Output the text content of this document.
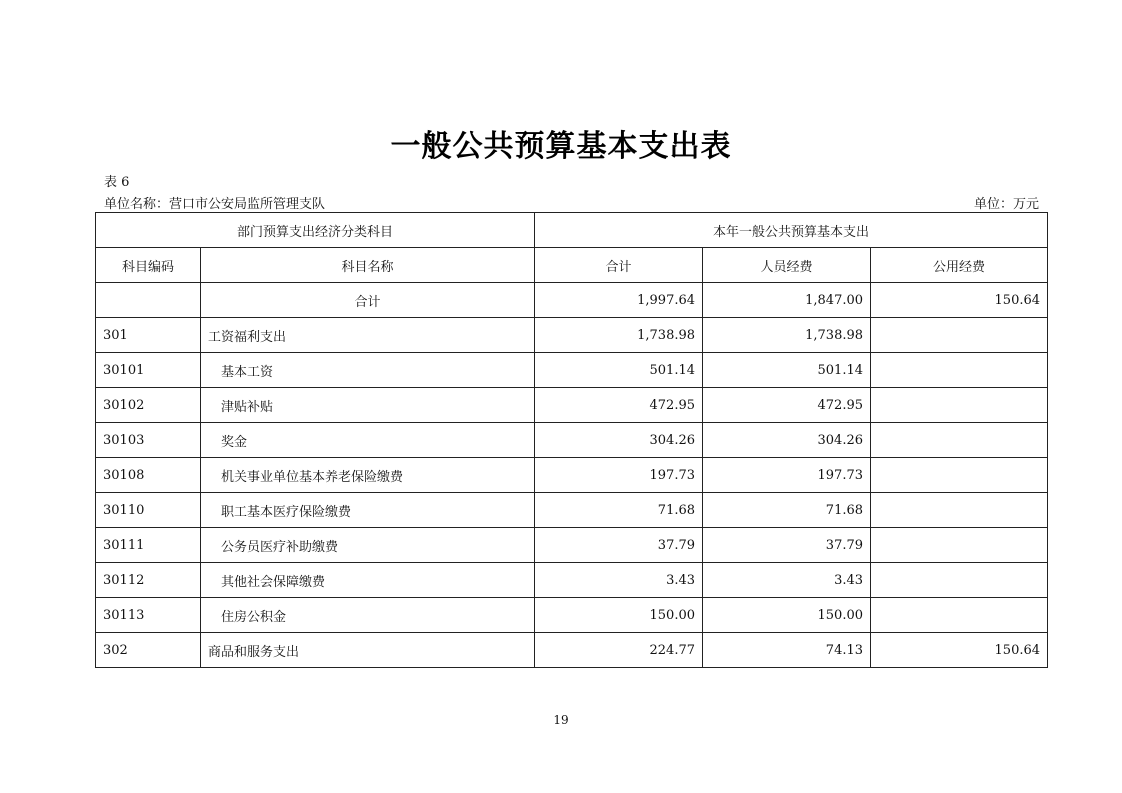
一般公共预算基本支出表
表 6
单位名称：营口市公安局监所管理支队	单位：万元
部门预算支出经济分类科目		本年一般公共预算基本支出		
科目编码	科目名称	合计	人员经费	公用经费
	合计	1,997.64	1,847.00	150.64
301	工资福利支出	1,738.98	1,738.98	
30101	基本工资	501.14	501.14	
30102	津贴补贴	472.95	472.95	
30103	奖金	304.26	304.26	
30108	机关事业单位基本养老保险缴费	197.73	197.73	
30110	职工基本医疗保险缴费	71.68	71.68	
30111	公务员医疗补助缴费	37.79	37.79	
30112	其他社会保障缴费	3.43	3.43	
30113	住房公积金	150.00	150.00	
302	商品和服务支出	224.77	74.13	150.64
19
